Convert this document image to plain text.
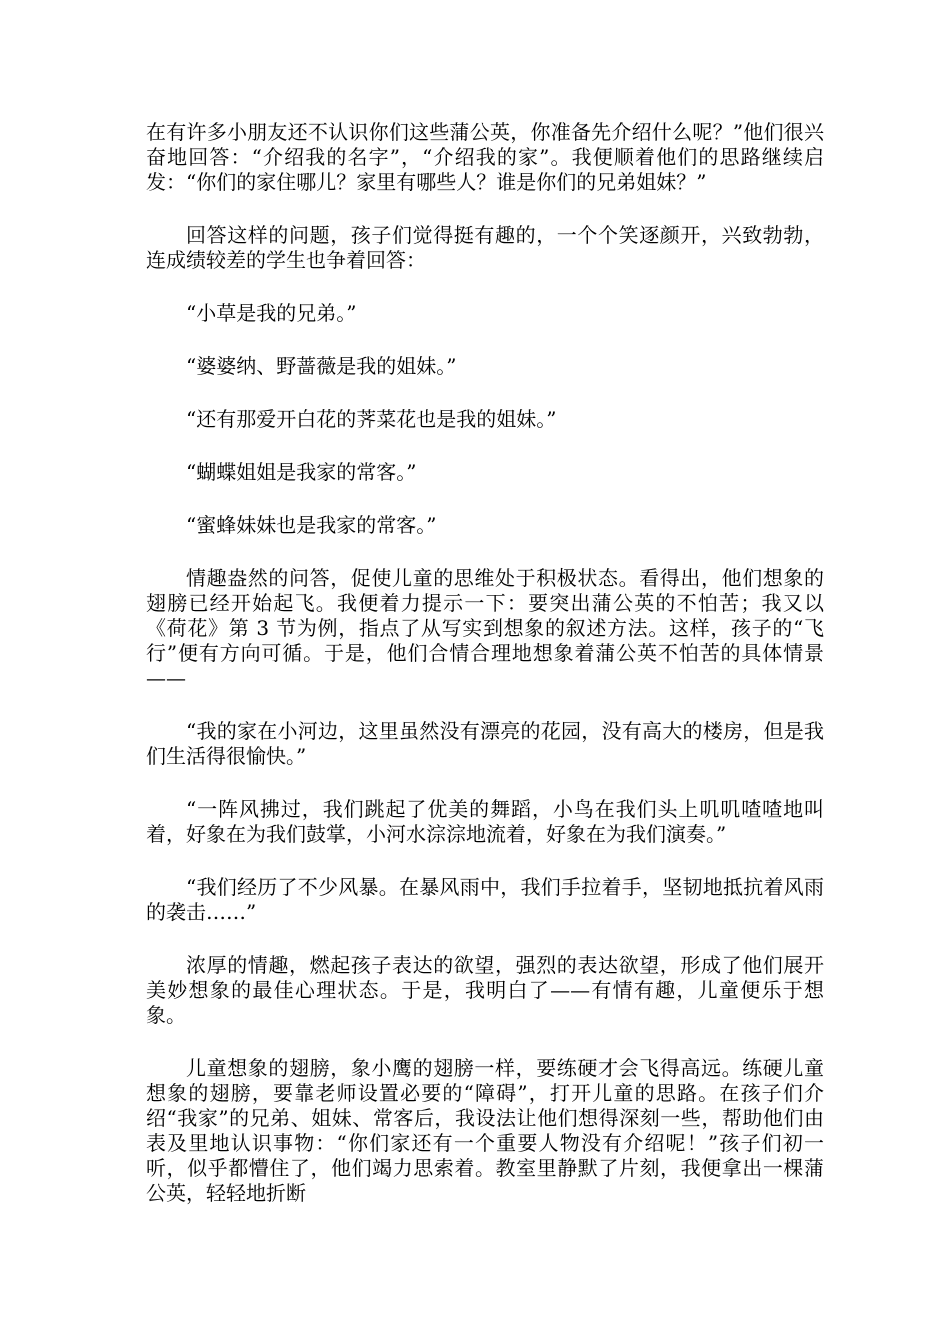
在有许多小朋友还不认识你们这些蒲公英，你准备先介绍什么呢？”他们很兴奋地回答：“介绍我的名字”，“介绍我的家”。我便顺着他们的思路继续启发：“你们的家住哪儿？家里有哪些人？谁是你们的兄弟姐妹？”

回答这样的问题，孩子们觉得挺有趣的，一个个笑逐颜开，兴致勃勃，连成绩较差的学生也争着回答：

“小草是我的兄弟。”

“婆婆纳、野蔷薇是我的姐妹。”

“还有那爱开白花的荠菜花也是我的姐妹。”

“蝴蝶姐姐是我家的常客。”

“蜜蜂妹妹也是我家的常客。”

情趣盎然的问答，促使儿童的思维处于积极状态。看得出，他们想象的翅膀已经开始起飞。我便着力提示一下：要突出蒲公英的不怕苦；我又以《荷花》第 3 节为例，指点了从写实到想象的叙述方法。这样，孩子的“飞行”便有方向可循。于是，他们合情合理地想象着蒲公英不怕苦的具体情景——

“我的家在小河边，这里虽然没有漂亮的花园，没有高大的楼房，但是我们生活得很愉快。”

“一阵风拂过，我们跳起了优美的舞蹈，小鸟在我们头上叽叽喳喳地叫着，好象在为我们鼓掌，小河水淙淙地流着，好象在为我们演奏。”

“我们经历了不少风暴。在暴风雨中，我们手拉着手，坚韧地抵抗着风雨的袭击……”

浓厚的情趣，燃起孩子表达的欲望，强烈的表达欲望，形成了他们展开美妙想象的最佳心理状态。于是，我明白了——有情有趣，儿童便乐于想象。

儿童想象的翅膀，象小鹰的翅膀一样，要练硬才会飞得高远。练硬儿童想象的翅膀，要靠老师设置必要的“障碍”，打开儿童的思路。在孩子们介绍“我家”的兄弟、姐妹、常客后，我设法让他们想得深刻一些，帮助他们由表及里地认识事物：“你们家还有一个重要人物没有介绍呢！”孩子们初一听，似乎都懵住了，他们竭力思索着。教室里静默了片刻，我便拿出一棵蒲公英，轻轻地折断
